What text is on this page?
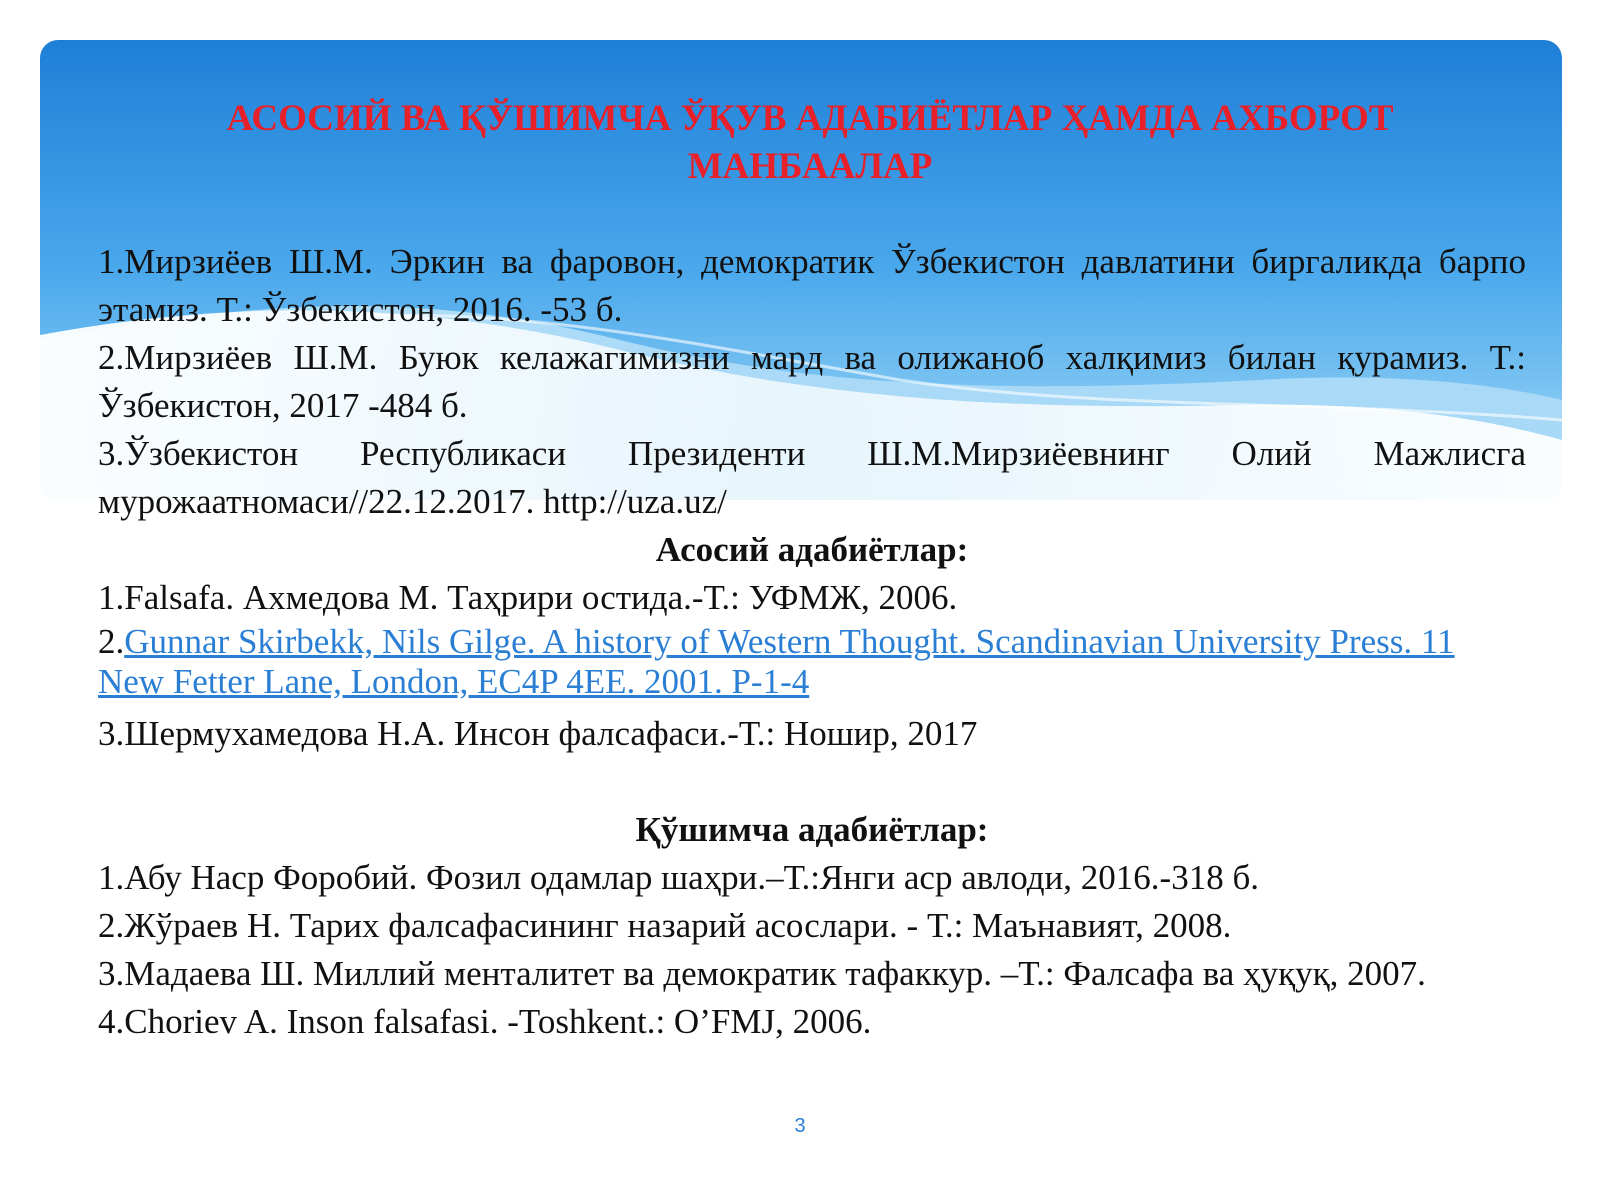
АСОСИЙ ВА ҚЎШИМЧА ЎҚУВ АДАБИЁТЛАР ҲАМДА АХБОРОТ МАНБААЛАР

1.Мирзиёев Ш.М. Эркин ва фаровон, демократик Ўзбекистон давлатини биргаликда барпо этамиз. Т.: Ўзбекистон, 2016. -53 б.

2.Мирзиёев Ш.М. Буюк келажагимизни мард ва олижаноб халқимиз билан қурамиз. Т.: Ўзбекистон, 2017 -484 б.

3.Ўзбекистон Республикаси Президенти Ш.М.Мирзиёевнинг Олий Мажлисга мурожаатномаси//22.12.2017. http://uza.uz/

Асосий адабиётлар:

1.Falsafa. Ахмедова М. Таҳрири остида.-Т.: УФМЖ, 2006.

2.Gunnar Skirbekk, Nils Gilge. A history of Western Thought. Scandinavian University Press. 11 New Fetter Lane, London, EC4P 4EE. 2001. P-1-4

3.Шермухамедова Н.А. Инсон фалсафаси.-Т.: Ношир, 2017

Қўшимча адабиётлар:

1.Абу Наср Форобий. Фозил одамлар шаҳри.–Т.:Янги аср авлоди, 2016.-318 б.

2.Жўраев Н. Тарих фалсафасининг назарий асослари. - Т.: Маънавият, 2008.

3.Мадаева Ш. Миллий менталитет ва демократик тафаккур. –Т.: Фалсафа ва ҳуқуқ, 2007.

4.Choriev A. Inson falsafasi. -Toshkent.: O’FMJ, 2006.

3
